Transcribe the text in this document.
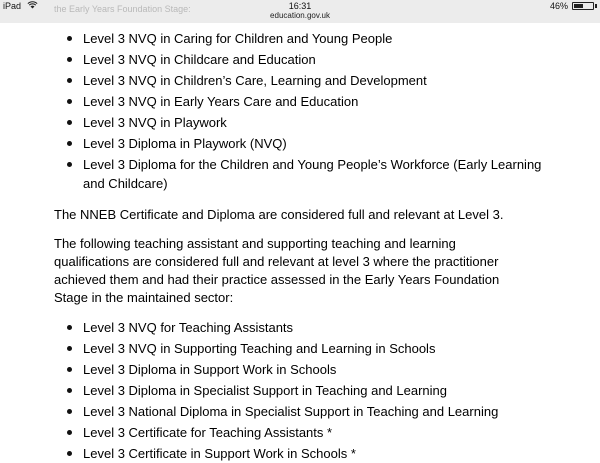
iPad	the Early Years Foundation Stage:	16:31
education.gov.uk
46%
Level 3 NVQ in Caring for Children and Young People
Level 3 NVQ in Childcare and Education
Level 3 NVQ in Children’s Care, Learning and Development
Level 3 NVQ in Early Years Care and Education
Level 3 NVQ in Playwork
Level 3 Diploma in Playwork (NVQ)
Level 3 Diploma for the Children and Young People’s Workforce (Early Learning and Childcare)

The NNEB Certificate and Diploma are considered full and relevant at Level 3.

The following teaching assistant and supporting teaching and learning qualifications are considered full and relevant at level 3 where the practitioner achieved them and had their practice assessed in the Early Years Foundation Stage in the maintained sector:

Level 3 NVQ for Teaching Assistants
Level 3 NVQ in Supporting Teaching and Learning in Schools
Level 3 Diploma in Support Work in Schools
Level 3 Diploma in Specialist Support in Teaching and Learning
Level 3 National Diploma in Specialist Support in Teaching and Learning
Level 3 Certificate for Teaching Assistants *
Level 3 Certificate in Support Work in Schools *
